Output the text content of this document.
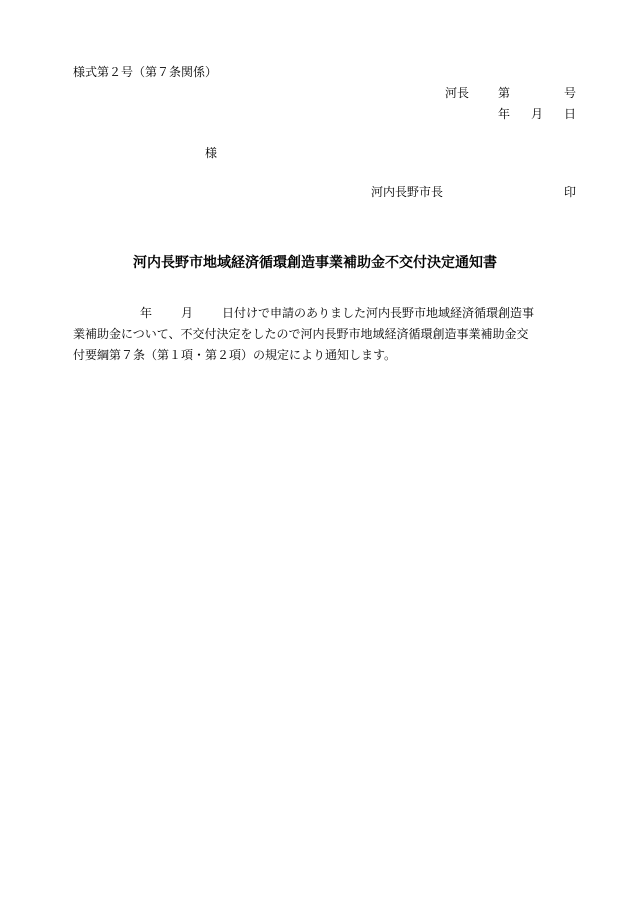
様式第２号（第７条関係）
河長 第	号
年 月 日
様
河内長野市長	印
河内長野市地域経済循環創造事業補助金不交付決定通知書
年 月 日付けで申請のありました河内長野市地域経済循環創造事
業補助金について、不交付決定をしたので河内長野市地域経済循環創造事業補助金交
付要綱第７条（第１項・第２項）の規定により通知します。
